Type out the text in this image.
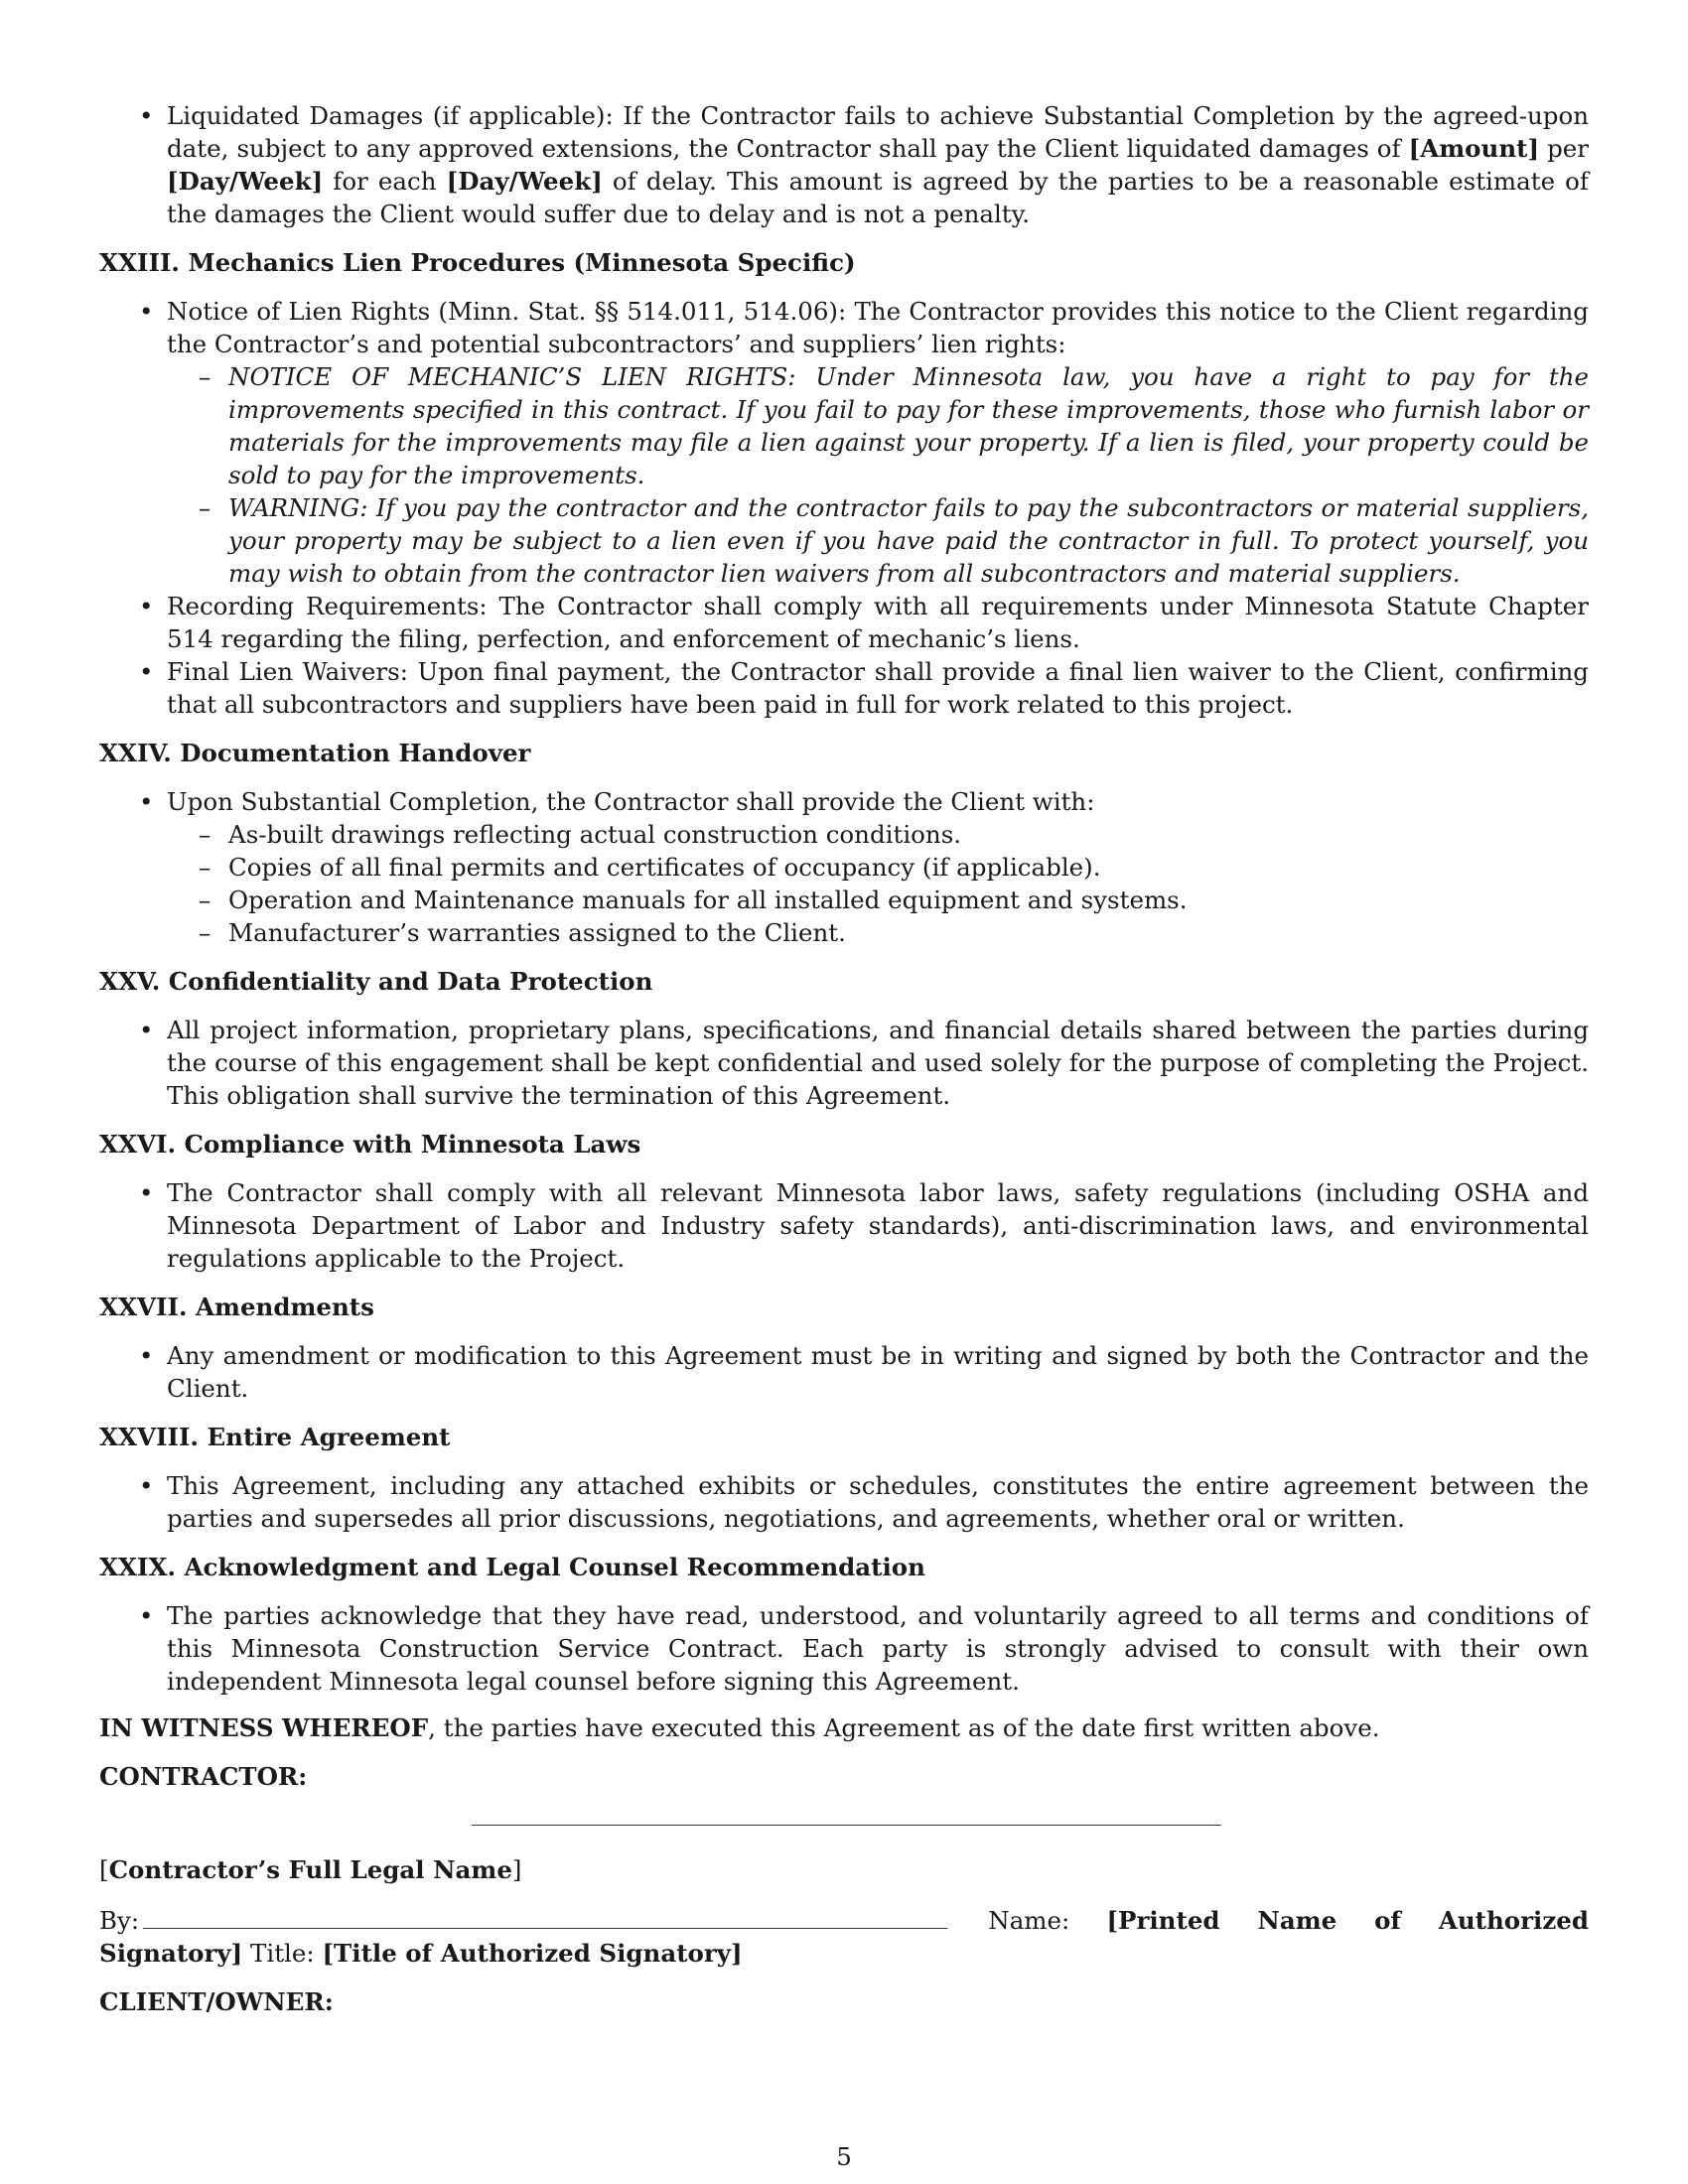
• Liquidated Damages (if applicable): If the Contractor fails to achieve Substantial Completion by the agreed-upon date, subject to any approved extensions, the Contractor shall pay the Client liquidated damages of [Amount] per [Day/Week] for each [Day/Week] of delay. This amount is agreed by the parties to be a reasonable estimate of the damages the Client would suffer due to delay and is not a penalty.
XXIII. Mechanics Lien Procedures (Minnesota Specific)
• Notice of Lien Rights (Minn. Stat. §§ 514.011, 514.06): The Contractor provides this notice to the Client regarding the Contractor’s and potential subcontractors’ and suppliers’ lien rights:
– NOTICE OF MECHANIC’S LIEN RIGHTS: Under Minnesota law, you have a right to pay for the improvements specified in this contract. If you fail to pay for these improvements, those who furnish labor or materials for the improvements may file a lien against your property. If a lien is filed, your property could be sold to pay for the improvements.
– WARNING: If you pay the contractor and the contractor fails to pay the subcontractors or material suppliers, your property may be subject to a lien even if you have paid the contractor in full. To protect yourself, you may wish to obtain from the contractor lien waivers from all subcontractors and material suppliers.
• Recording Requirements: The Contractor shall comply with all requirements under Minnesota Statute Chapter 514 regarding the filing, perfection, and enforcement of mechanic’s liens.
• Final Lien Waivers: Upon final payment, the Contractor shall provide a final lien waiver to the Client, confirming that all subcontractors and suppliers have been paid in full for work related to this project.
XXIV. Documentation Handover
• Upon Substantial Completion, the Contractor shall provide the Client with:
– As-built drawings reflecting actual construction conditions.
– Copies of all final permits and certificates of occupancy (if applicable).
– Operation and Maintenance manuals for all installed equipment and systems.
– Manufacturer’s warranties assigned to the Client.
XXV. Confidentiality and Data Protection
• All project information, proprietary plans, specifications, and financial details shared between the parties during the course of this engagement shall be kept confidential and used solely for the purpose of completing the Project. This obligation shall survive the termination of this Agreement.
XXVI. Compliance with Minnesota Laws
• The Contractor shall comply with all relevant Minnesota labor laws, safety regulations (including OSHA and Minnesota Department of Labor and Industry safety standards), anti-discrimination laws, and environmental regulations applicable to the Project.
XXVII. Amendments
• Any amendment or modification to this Agreement must be in writing and signed by both the Contractor and the Client.
XXVIII. Entire Agreement
• This Agreement, including any attached exhibits or schedules, constitutes the entire agreement between the parties and supersedes all prior discussions, negotiations, and agreements, whether oral or written.
XXIX. Acknowledgment and Legal Counsel Recommendation
• The parties acknowledge that they have read, understood, and voluntarily agreed to all terms and conditions of this Minnesota Construction Service Contract. Each party is strongly advised to consult with their own independent Minnesota legal counsel before signing this Agreement.

IN WITNESS WHEREOF, the parties have executed this Agreement as of the date first written above.

CONTRACTOR:

[Contractor’s Full Legal Name]

By:	Name: [Printed Name of Authorized Signatory] Title: [Title of Authorized Signatory]

CLIENT/OWNER:

5
